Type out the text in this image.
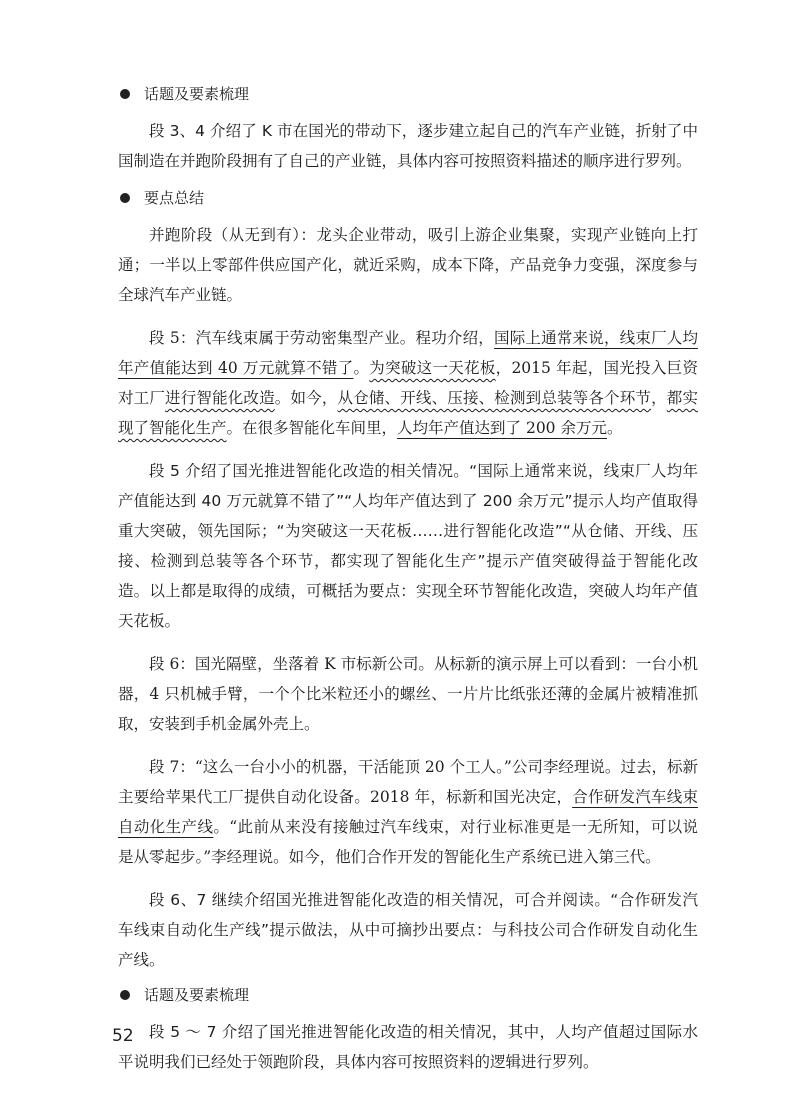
话题及要素梳理

段 3、4 介绍了 K 市在国光的带动下，逐步建立起自己的汽车产业链，折射了中国制造在并跑阶段拥有了自己的产业链，具体内容可按照资料描述的顺序进行罗列。

要点总结

并跑阶段（从无到有）：龙头企业带动，吸引上游企业集聚，实现产业链向上打通；一半以上零部件供应国产化，就近采购，成本下降，产品竞争力变强，深度参与全球汽车产业链。

段 5：汽车线束属于劳动密集型产业。程功介绍，国际上通常来说，线束厂人均年产值能达到 40 万元就算不错了。为突破这一天花板，2015 年起，国光投入巨资对工厂进行智能化改造。如今，从仓储、开线、压接、检测到总装等各个环节，都实现了智能化生产。在很多智能化车间里，人均年产值达到了 200 余万元。

段 5 介绍了国光推进智能化改造的相关情况。“国际上通常来说，线束厂人均年产值能达到 40 万元就算不错了”“人均年产值达到了 200 余万元”提示人均产值取得重大突破，领先国际；“为突破这一天花板……进行智能化改造”“从仓储、开线、压接、检测到总装等各个环节，都实现了智能化生产”提示产值突破得益于智能化改造。以上都是取得的成绩，可概括为要点：实现全环节智能化改造，突破人均年产值天花板。

段 6：国光隔壁，坐落着 K 市标新公司。从标新的演示屏上可以看到：一台小机器，4 只机械手臂，一个个比米粒还小的螺丝、一片片比纸张还薄的金属片被精准抓取，安装到手机金属外壳上。

段 7：“这么一台小小的机器，干活能顶 20 个工人。”公司李经理说。过去，标新主要给苹果代工厂提供自动化设备。2018 年，标新和国光决定，合作研发汽车线束自动化生产线。“此前从来没有接触过汽车线束，对行业标准更是一无所知，可以说是从零起步。”李经理说。如今，他们合作开发的智能化生产系统已进入第三代。

段 6、7 继续介绍国光推进智能化改造的相关情况，可合并阅读。“合作研发汽车线束自动化生产线”提示做法，从中可摘抄出要点：与科技公司合作研发自动化生产线。

话题及要素梳理

段 5 ～ 7 介绍了国光推进智能化改造的相关情况，其中，人均产值超过国际水平说明我们已经处于领跑阶段，具体内容可按照资料的逻辑进行罗列。

52
